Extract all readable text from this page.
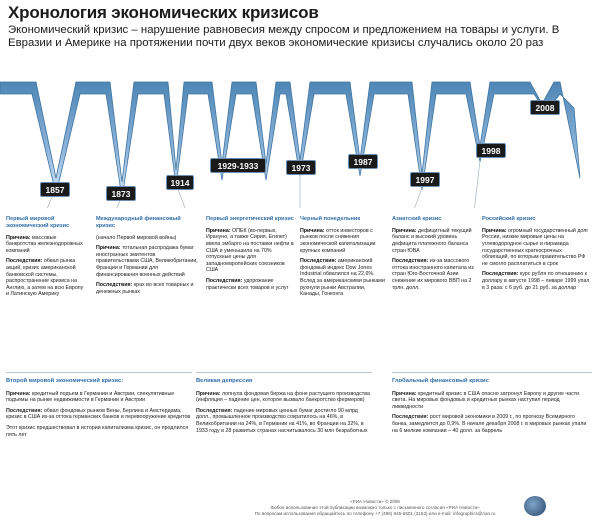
Хронология экономических кризисов
Экономический кризис – нарушение равновесия между спросом и предложением на товары и услуги. В Евразии и Америке на протяжении почти двух веков экономические кризисы случались около 20 раз
1857	1873
1914
1929-1933	1973
1987
1997
1998
2008
Первый мировой экономический кризис

Причина: массовые банкротства железнодорожных компаний

Последствия: обвал рынка акций, кризис американской банковской системы, распространение кризиса на Англию, а затем на всю Европу и Латинскую Америку

Международный финансовый кризис

(начало Первой мировой войны)

Причина: тотальная распродажа бумаг иностранных эмитентов правительствами США, Великобритании, Франции и Германии для финансирования военных действий

Последствия: крах во всех товарных и денежных рынках

Первый энергетический кризис

Причина: ОПЕК (во-первых, Ирануно, а также Сирия, Египет) ввела эмбарго на поставки нефти в США и уменьшила на 70% отпускные цены для западноевропейских союзников США

Последствия: удорожание практически всех товаров и услуг

Черный понедельник

Причина: отток инвесторов с рынков после снижения экономической капитализации крупных компаний

Последствия: американский фондовый индекс Dow Jones Industrial обвалился на 22,6%. Вслед за американскими рынками рухнули рынки Австралии, Канады, Гонконга

Азиатский кризис

Причина: дефицитный текущий баланс и высокий уровень дефицита платежного баланса стран ЮВА

Последствия: из-за массового оттока иностранного капитала из стран Юго-Восточной Азии снижение их мирового ВВП на 2 трлн. долл.

Российский кризис

Причина: огромный государственный долг России, низкие мировые цены на углеводородное сырье и пирамида государственных краткосрочных облигаций, по которым правительство РФ не смогло расплатиться в срок

Последствия: курс рубля по отношению к доллару в августе 1998 – январе 1999 упал в 3 раза: с 6 руб. до 21 руб. за доллар

Второй мировой экономический кризис:

Причина: кредитный подъем в Германии и Австрии, спекулятивные подъемы на рынке недвижимости в Германии и Австрии

Последствия: обвал фондовых рынков Вены, Берлина и Амстердама, кризис в США из-за оттока германских банков и перевооружение кредитов

Этот кризис предшествовал в истории капитализма кризис, он продлился пять лет

Великая депрессия

Причина: лопнула фондовая биржа на фоне растущего производства (инфляция – падение цен, которое вызвало банкротство фермеров)

Последствия: падение мировых ценных бумаг достигло 90 млрд долл., промышленное производство сократилось на 46%, в Великобритании на 24%, в Германии на 41%, во Франции на 32%, в 1933 году в 28 развитых странах насчитывалось 30 млн безработных

Глобальный финансовый кризис

Причина: кредитный кризис в США опасно затронул Европу и другие части света. На мировых фондовых и кредитных рынках наступил период ликвидности

Последствия: рост мировой экономики в 2009 г., по прогнозу Всемирного банка, замедлится до 0,9%. В начале декабря 2008 г. в мировых рынках упали на 6 мелкие компании – 40 долл. за баррель

«РИА Новости» © 2008
Любое использование этой публикации возможно только с письменного согласия «РИА Новости»
По вопросам использования обращайтесь по телефону +7 (495) 645-6601 (3153) или e-mail: infographics@rian.ru
